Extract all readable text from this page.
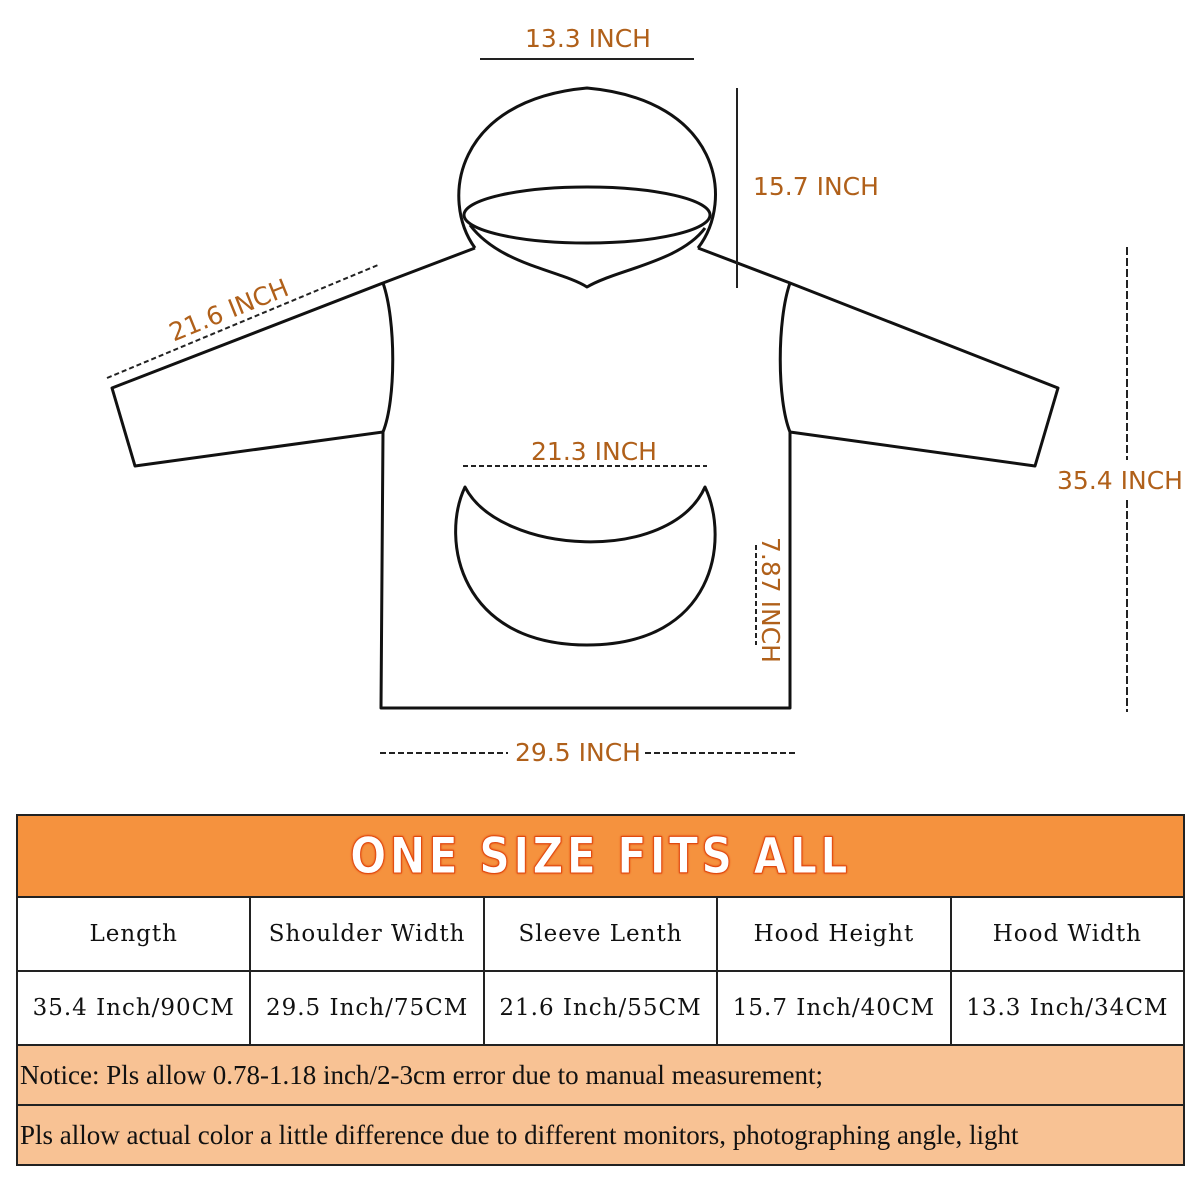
13.3 INCH
15.7 INCH
21.6 INCH
21.3 INCH
7.87 INCH
35.4 INCH
29.5 INCH
ONE SIZE FITS ALL
Length	Shoulder Width	Sleeve Lenth	Hood Height	Hood Width
35.4 Inch/90CM	29.5 Inch/75CM	21.6 Inch/55CM	15.7 Inch/40CM	13.3 Inch/34CM
Notice: Pls allow 0.78-1.18 inch/2-3cm error due to manual measurement;
Pls allow actual color a little difference due to different monitors, photographing angle, light
